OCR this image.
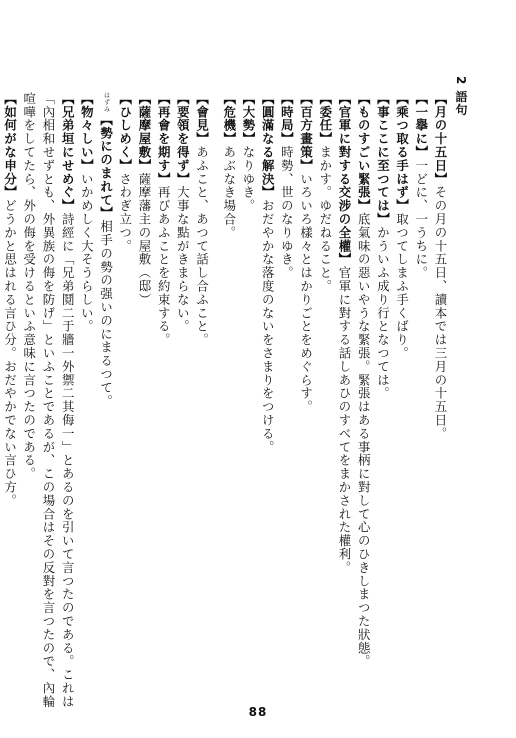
2 語句
【月の十五日】その月の十五日、讀本では三月の十五日。
【一擧に】一どに、一うちに。
【乘つ取る手はず】取つてしまふ手くばり。
【事ここに至つては】かういふ成り行となつては。
【ものすごい緊張】底氣味の惡いやうな緊張。緊張はある事柄に對して心のひきしまつた狀態。
【官軍に對する交涉の全權】官軍に對する話しあひのすべてをまかされた權利。
【委任】まかす。ゆだねること。
【百方畫策】いろいろ樣々とはかりごとをめぐらす。
【時局】時勢、世のなりゆき。
【圓滿なる解決】おだやかな落度のないをさまりをつける。
【大勢】なりゆき。
【危機】あぶなき場合。
【會見】あふこと、あつて話し合ふこと。
【要領を得ず】大事な點がきまらない。
【再會を期す】再びあふことを約束する。
【薩摩屋敷】薩摩藩主の屋敷（邸）
【ひしめく】さわぎ立つ。
はずみ【勢にのまれて】相手の勢の强いのにまるつて。
【物々しい】いかめしく大そうらしい。
【兄弟垣にせめぐ】詩經に「兄弟鬩二于牆一外禦二其侮一」とあるのを引いて言つたのである。これは「內相和せずとも、外異族の侮を防げ」といふことであるが、この場合はその反對を言つたので、內輪喧嘩をしてたら、外の侮を受けるといふ意味に言つたのである。
【如何がな申分】どうかと思はれる言ひ分。おだやかでない言ひ方。
88
